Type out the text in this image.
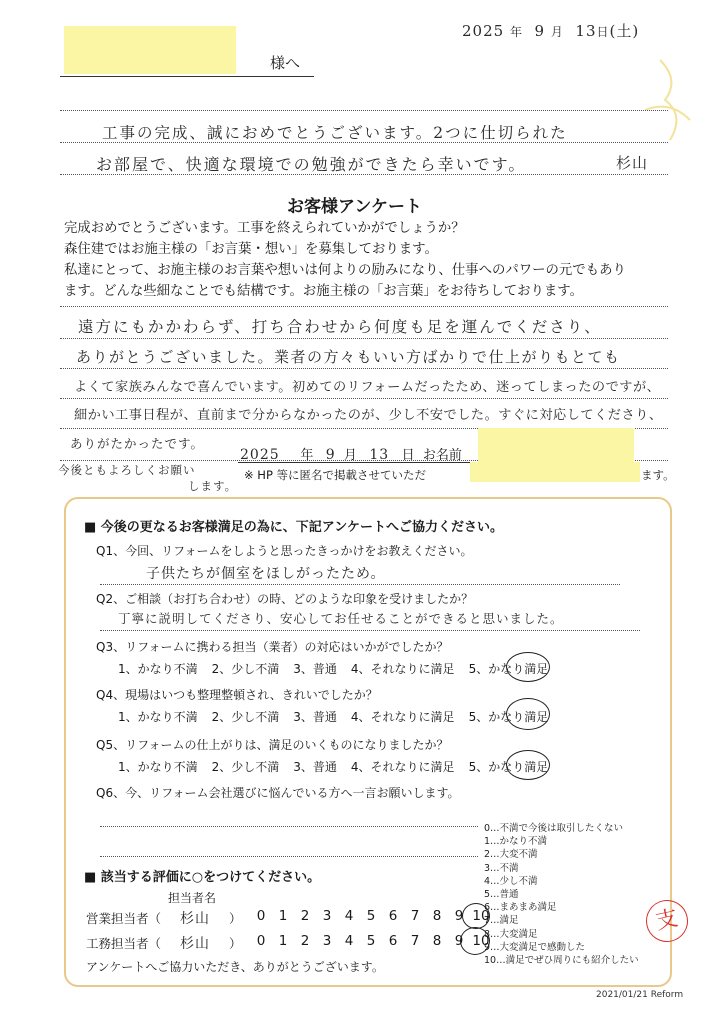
2025 年 9 月 13日(土)
様へ
工事の完成、誠におめでとうございます。2つに仕切られた
お部屋で、快適な環境での勉強ができたら幸いです。	杉山
お客様アンケート
完成おめでとうございます。工事を終えられていかがでしょうか？
森住建ではお施主様の「お言葉・想い」を募集しております。
私達にとって、お施主様のお言葉や想いは何よりの励みになり、仕事へのパワーの元でもあり
ます。どんな些細なことでも結構です。お施主様の「お言葉」をお待ちしております。
遠方にもかかわらず、打ち合わせから何度も足を運んでくださり、
ありがとうございました。業者の方々もいい方ばかりで仕上がりもとても
よくて家族みんなで喜んでいます。初めてのリフォームだったため、迷ってしまったのですが、
細かい工事日程が、直前まで分からなかったのが、少し不安でした。すぐに対応してくださり、
ありがたかったです。
今後ともよろしくお願い
します。
2025 年 9 月 13 日 お名前
※ HP 等に匿名で掲載させていただ	ます。
■ 今後の更なるお客様満足の為に、下記アンケートへご協力ください。
Q1、今回、リフォームをしようと思ったきっかけをお教えください。
子供たちが個室をほしがったため。
Q2、ご相談（お打ち合わせ）の時、どのような印象を受けましたか？
丁寧に説明してくださり、安心してお任せることができると思いました。
Q3、リフォームに携わる担当（業者）の対応はいかがでしたか？
1、かなり不満 2、少し不満 3、普通 4、それなりに満足 5、かなり満足
Q4、現場はいつも整理整頓され、きれいでしたか？
1、かなり不満 2、少し不満 3、普通 4、それなりに満足 5、かなり満足
Q5、リフォームの仕上がりは、満足のいくものになりましたか？
1、かなり不満 2、少し不満 3、普通 4、それなりに満足 5、かなり満足
Q6、今、リフォーム会社選びに悩んでいる方へ一言お願いします。
0…不満で今後は取引したくない
1…かなり不満
2…大変不満
3…不満
4…少し不満
5…普通
6…まあまあ満足
7…満足
8…大変満足
9…大変満足で感動した
10…満足でぜひ周りにも紹介したい
■ 該当する評価に○をつけてください。
担当者名
営業担当者（ 杉山 ）	0 1 2 3 4 5 6 7 8 9 10
工務担当者（ 杉山 ）	0 1 2 3 4 5 6 7 8 9 10
アンケートへご協力いただき、ありがとうございます。
支
2021/01/21 Reform
